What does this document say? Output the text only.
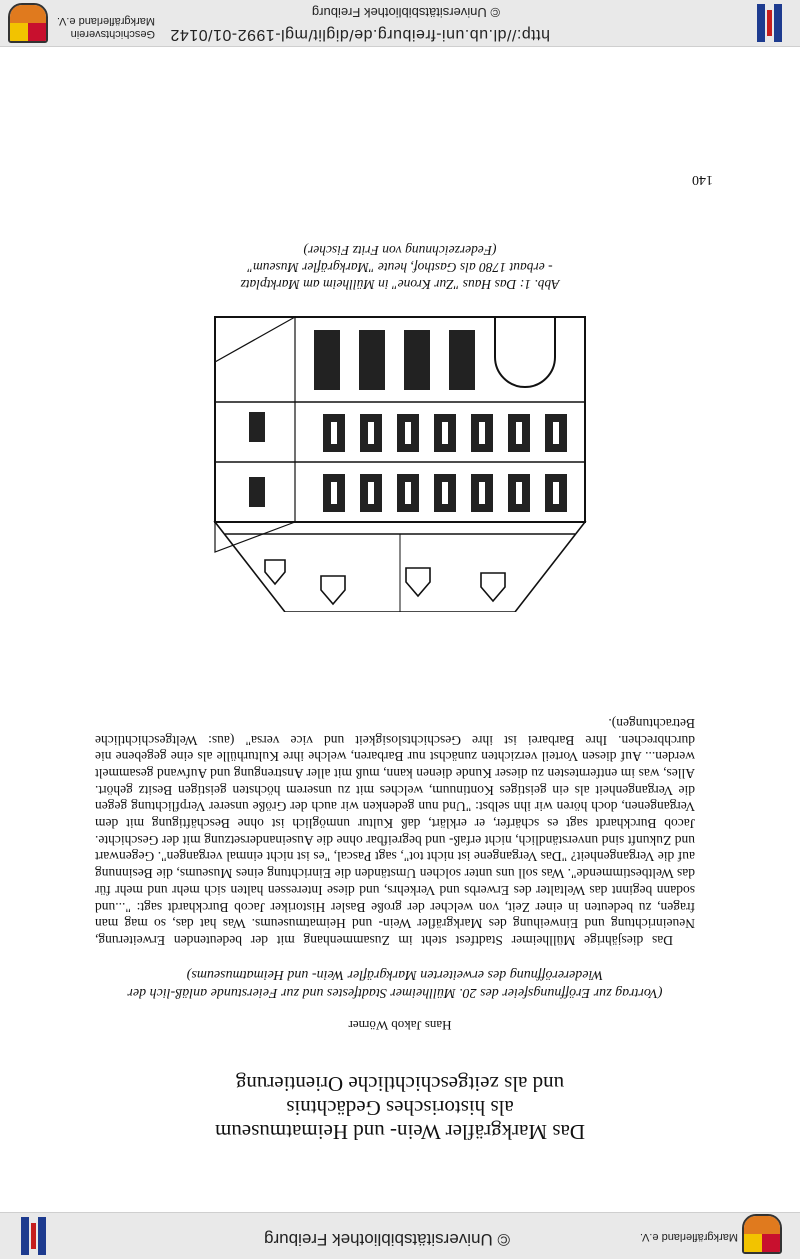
Markgräflerland e.V.
© Universitätsbibliothek Freiburg
Das Markgräfler Wein- und Heimatmuseum
als historisches Gedächtnis
und als zeitgeschichtliche Orientierung
Hans Jakob Wörner
(Vortrag zur Eröffnungsfeier des 20. Müllheimer Stadtfestes und zur Feierstunde anläß-lich der Wiedereröffnung des erweiterten Markgräfler Wein- und Heimatmuseums)
Das diesjährige Müllheimer Stadtfest steht im Zusammenhang mit der bedeutenden Erweiterung, Neueinrichtung und Einweihung des Markgräfler Wein- und Heimatmuseums. Was hat das, so mag man fragen, zu bedeuten in einer Zeit, von welcher der große Basler Historiker Jacob Burckhardt sagt: "...und sodann beginnt das Weltalter des Erwerbs und Verkehrs, und diese Interessen halten sich mehr und mehr für das Weltbestimmende". Was soll uns unter solchen Umständen die Einrichtung eines Museums, die Besinnung auf die Vergangenheit? "Das Vergangene ist nicht tot", sagt Pascal, "es ist nicht einmal vergangen". Gegenwart und Zukunft sind unverständlich, nicht erfaß- und begreifbar ohne die Auseinandersetzung mit der Geschichte. Jacob Burckhardt sagt es schärfer, er erklärt, daß Kultur unmöglich ist ohne Beschäftigung mit dem Vergangenen, doch hören wir ihn selbst: "Und nun gedenken wir auch der Größe unserer Verpflichtung gegen die Vergangenheit als ein geistiges Kontinuum, welches mit zu unserem höchsten geistigen Besitz gehört. Alles, was im entferntesten zu dieser Kunde dienen kann, muß mit aller Anstrengung und Aufwand gesammelt werden... Auf diesen Vorteil verzichten zunächst nur Barbaren, welche ihre Kulturhülle als eine gegebene nie durchbrechen. Ihre Barbarei ist ihre Geschichtslosigkeit und vice versa" (aus: Weltgeschichtliche Betrachtungen).
Abb. 1: Das Haus "Zur Krone" in Müllheim am Marktplatz
- erbaut 1780 als Gasthof, heute "Markgräfler Museum"
(Federzeichnung von Fritz Fischer)
140
http://dl.ub.uni-freiburg.de/diglit/mgl-1992-01/0142
© Universitätsbibliothek Freiburg
Geschichtsverein
Markgräflerland e.V.
